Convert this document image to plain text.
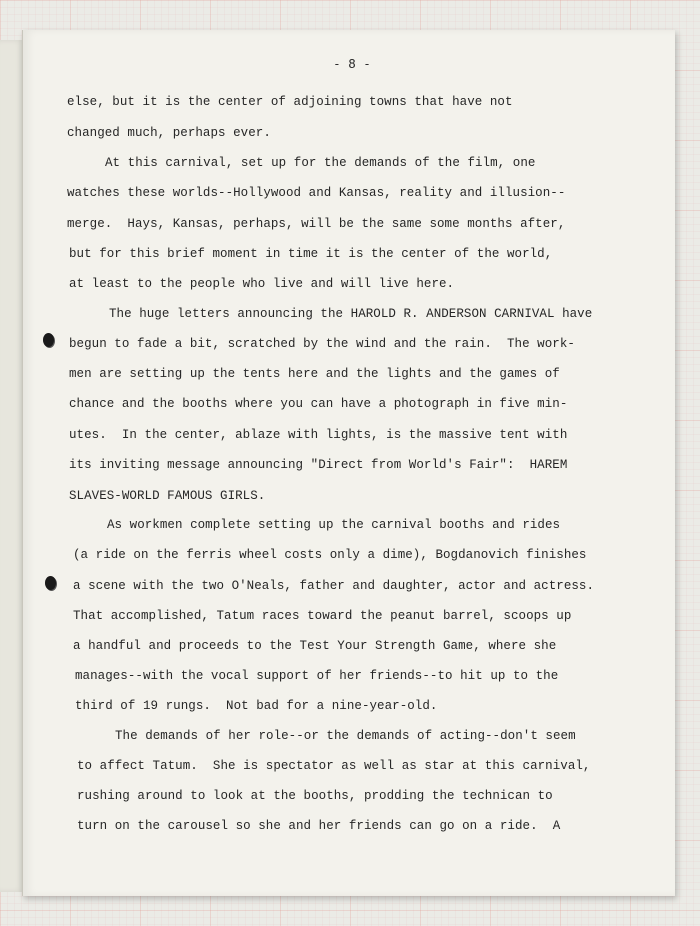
- 8 -
else, but it is the center of adjoining towns that have not
changed much, perhaps ever.
At this carnival, set up for the demands of the film, one
watches these worlds--Hollywood and Kansas, reality and illusion--
merge.  Hays, Kansas, perhaps, will be the same some months after,
but for this brief moment in time it is the center of the world,
at least to the people who live and will live here.
The huge letters announcing the HAROLD R. ANDERSON CARNIVAL have
begun to fade a bit, scratched by the wind and the rain.  The work-
men are setting up the tents here and the lights and the games of
chance and the booths where you can have a photograph in five min-
utes.  In the center, ablaze with lights, is the massive tent with
its inviting message announcing "Direct from World's Fair":  HAREM
SLAVES-WORLD FAMOUS GIRLS.
As workmen complete setting up the carnival booths and rides
(a ride on the ferris wheel costs only a dime), Bogdanovich finishes
a scene with the two O'Neals, father and daughter, actor and actress.
That accomplished, Tatum races toward the peanut barrel, scoops up
a handful and proceeds to the Test Your Strength Game, where she
manages--with the vocal support of her friends--to hit up to the
third of 19 rungs.  Not bad for a nine-year-old.
The demands of her role--or the demands of acting--don't seem
to affect Tatum.  She is spectator as well as star at this carnival,
rushing around to look at the booths, prodding the technican to
turn on the carousel so she and her friends can go on a ride.  A
